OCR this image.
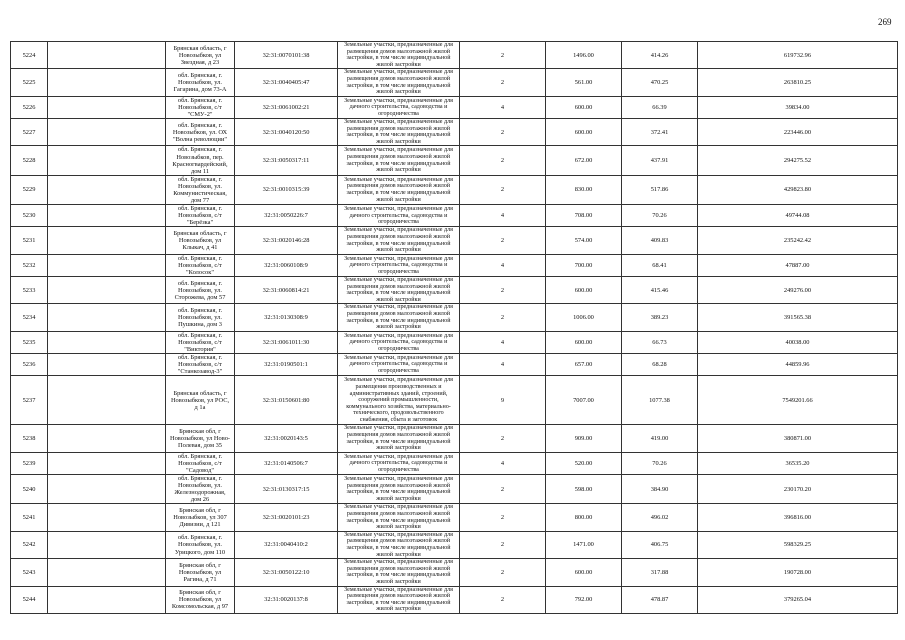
269
5224		Брянская область, г Новозыбков, ул Звездная, д 23	32:31:0070101:38	Земельные участки, предназначенные для размещения домов малоэтажной жилой застройки, в том числе индивидуальной жилой застройки	2	1496.00	414.26	619732.96
5225		обл. Брянская, г. Новозыбков, ул. Гагарина, дом 73-А	32:31:0040405:47	Земельные участки, предназначенные для размещения домов малоэтажной жилой застройки, в том числе индивидуальной жилой застройки	2	561.00	470.25	263810.25
5226		обл. Брянская, г. Новозыбков, с/т "СМУ-2"	32:31:0061002:21	Земельные участки, предназначенные для дачного строительства, садоводства и огородничества	4	600.00	66.39	39834.00
5227		обл. Брянская, г. Новозыбков, ул. ОХ "Волна революции"	32:31:0040120:50	Земельные участки, предназначенные для размещения домов малоэтажной жилой застройки, в том числе индивидуальной жилой застройки	2	600.00	372.41	223446.00
5228		обл. Брянская, г. Новозыбков, пер. Красногвардейский, дом 11	32:31:0050317:11	Земельные участки, предназначенные для размещения домов малоэтажной жилой застройки, в том числе индивидуальной жилой застройки	2	672.00	437.91	294275.52
5229		обл. Брянская, г. Новозыбков, ул. Коммунистическая, дом 77	32:31:0010315:39	Земельные участки, предназначенные для размещения домов малоэтажной жилой застройки, в том числе индивидуальной жилой застройки	2	830.00	517.86	429823.80
5230		обл. Брянская, г. Новозыбков, с/т "Берёзка"	32:31:0050226:7	Земельные участки, предназначенные для дачного строительства, садоводства и огородничества	4	708.00	70.26	49744.08
5231		Брянская область, г Новозыбков, ул Клыкач, д 41	32:31:0020146:28	Земельные участки, предназначенные для размещения домов малоэтажной жилой застройки, в том числе индивидуальной жилой застройки	2	574.00	409.83	235242.42
5232		обл. Брянская, г. Новозыбков, с/т "Колосок"	32:31:0060108:9	Земельные участки, предназначенные для дачного строительства, садоводства и огородничества	4	700.00	68.41	47887.00
5233		обл. Брянская, г. Новозыбков, ул. Сторожева, дом 57	32:31:0060814:21	Земельные участки, предназначенные для размещения домов малоэтажной жилой застройки, в том числе индивидуальной жилой застройки	2	600.00	415.46	249276.00
5234		обл. Брянская, г. Новозыбков, ул. Пушкина, дом 3	32:31:0130308:9	Земельные участки, предназначенные для размещения домов малоэтажной жилой застройки, в том числе индивидуальной жилой застройки	2	1006.00	389.23	391565.38
5235		обл. Брянская, г. Новозыбков, с/т "Виктория"	32:31:0061011:30	Земельные участки, предназначенные для дачного строительства, садоводства и огородничества	4	600.00	66.73	40038.00
5236		обл. Брянская, г. Новозыбков, с/т "Станкозавод-3"	32:31:0190501:1	Земельные участки, предназначенные для дачного строительства, садоводства и огородничества	4	657.00	68.28	44859.96
5237		Брянская область, г Новозыбков, ул РОС, д 1а	32:31:0150601:80	Земельные участки, предназначенные для размещения производственных и административных зданий, строений, сооружений промышленности, коммунального хозяйства, материально-технического, продовольственного снабжения, сбыта и заготовок	9	7007.00	1077.38	7549201.66
5238		Брянская обл, г Новозыбков, ул Ново-Полевая, дом 35	32:31:0020143:5	Земельные участки, предназначенные для размещения домов малоэтажной жилой застройки, в том числе индивидуальной жилой застройки	2	909.00	419.00	380871.00
5239		обл. Брянская, г. Новозыбков, с/т "Садовод"	32:31:0140506:7	Земельные участки, предназначенные для дачного строительства, садоводства и огородничества	4	520.00	70.26	36535.20
5240		обл. Брянская, г. Новозыбков, ул. Железнодорожная, дом 26	32:31:0130317:15	Земельные участки, предназначенные для размещения домов малоэтажной жилой застройки, в том числе индивидуальной жилой застройки	2	598.00	384.90	230170.20
5241		Брянская обл, г Новозыбков, ул 307 Дивизии, д 121	32:31:0020101:23	Земельные участки, предназначенные для размещения домов малоэтажной жилой застройки, в том числе индивидуальной жилой застройки	2	800.00	496.02	396816.00
5242		обл. Брянская, г. Новозыбков, ул. Урицкого, дом 110	32:31:0040410:2	Земельные участки, предназначенные для размещения домов малоэтажной жилой застройки, в том числе индивидуальной жилой застройки	2	1471.00	406.75	598329.25
5243		Брянская обл, г Новозыбков, ул Рагина, д 71	32:31:0050122:10	Земельные участки, предназначенные для размещения домов малоэтажной жилой застройки, в том числе индивидуальной жилой застройки	2	600.00	317.88	190728.00
5244		Брянская обл, г Новозыбков, ул Комсомольская, д 97	32:31:0020137:8	Земельные участки, предназначенные для размещения домов малоэтажной жилой застройки, в том числе индивидуальной жилой застройки	2	792.00	478.87	379265.04
